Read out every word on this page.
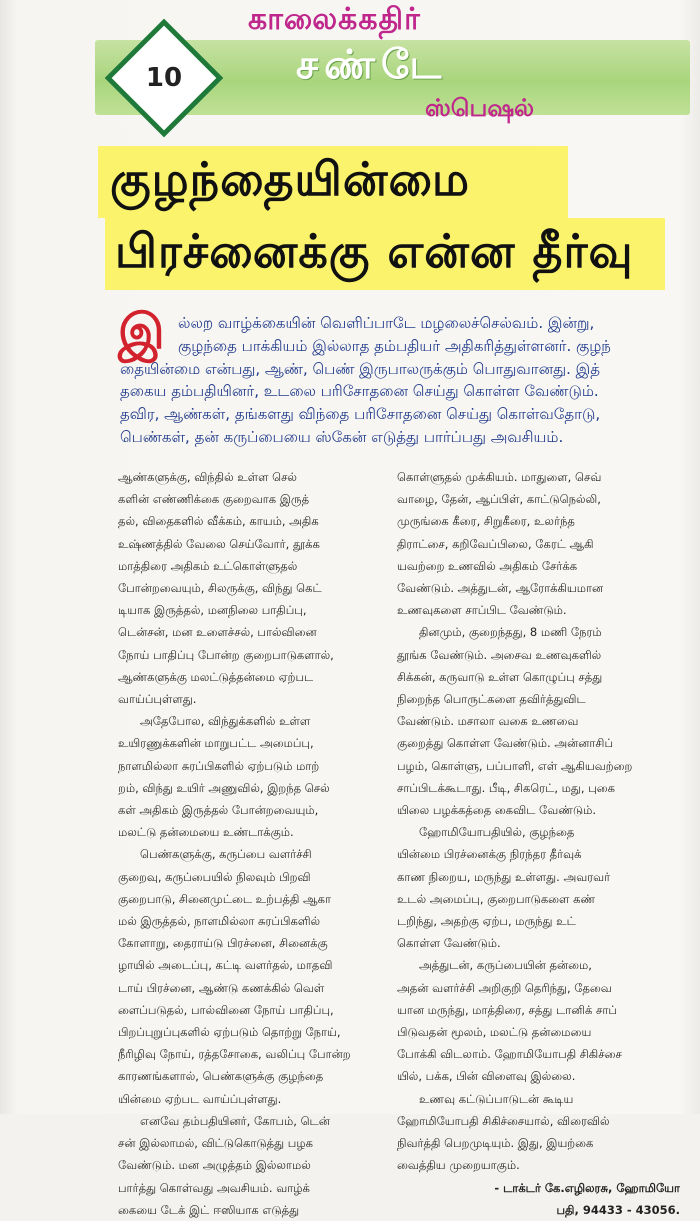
10
காலைக்கதிர்
சண்டே
ஸ்பெஷல்
குழந்தையின்மை
பிரச்னைக்கு என்ன தீர்வு
இ ல்லற வாழ்க்கையின் வெளிப்பாடே மழலைச்செல்வம். இன்று,
குழந்தை பாக்கியம் இல்லாத தம்பதியர் அதிகரித்துள்ளனர். குழந்
தையின்மை என்பது, ஆண், பெண் இருபாலருக்கும் பொதுவானது. இத்
தகைய தம்பதியினர், உடலை பரிசோதனை செய்து கொள்ள வேண்டும்.
தவிர, ஆண்கள், தங்களது விந்தை பரிசோதனை செய்து கொள்வதோடு,
பெண்கள், தன் கருப்பையை ஸ்கேன் எடுத்து பார்ப்பது அவசியம்.
ஆண்களுக்கு, விந்தில் உள்ள செல்
களின் எண்ணிக்கை குறைவாக இருத்
தல், விதைகளில் வீக்கம், காயம், அதிக
உஷ்ணத்தில் வேலை செய்வோர், தூக்க
மாத்திரை அதிகம் உட்கொள்ளுதல்
போன்றவையும், சிலருக்கு, விந்து கெட்
டியாக இருத்தல், மனநிலை பாதிப்பு,
டென்சன், மன உளைச்சல், பால்வினை
நோய் பாதிப்பு போன்ற குறைபாடுகளால்,
ஆண்களுக்கு மலட்டுத்தன்மை ஏற்பட
வாய்ப்புள்ளது.
அதேபோல, விந்துக்களில் உள்ள
உயிரணுக்களின் மாறுபட்ட அமைப்பு,
நாளமில்லா சுரப்பிகளில் ஏற்படும் மாற்
றம், விந்து உயிர் அணுவில், இறந்த செல்
கள் அதிகம் இருத்தல் போன்றவையும்,
மலட்டு தன்மையை உண்டாக்கும்.
பெண்களுக்கு, கருப்பை வளர்ச்சி
குறைவு, கருப்பையில் நிலவும் பிறவி
குறைபாடு, சினைமுட்டை உற்பத்தி ஆகா
மல் இருத்தல், நாளமில்லா சுரப்பிகளில்
கோளாறு, தைராய்டு பிரச்னை, சினைக்கு
ழாயில் அடைப்பு, கட்டி வளர்தல், மாதவி
டாய் பிரச்னை, ஆண்டு கணக்கில் வெள்
ளைப்படுதல், பால்வினை நோய் பாதிப்பு,
பிறப்புறுப்புகளில் ஏற்படும் தொற்று நோய்,
நீரிழிவு நோய், ரத்தசோகை, வலிப்பு போன்ற
காரணங்களால், பெண்களுக்கு குழந்தை
யின்மை ஏற்பட வாய்ப்புள்ளது.
எனவே தம்பதியினர், கோபம், டென்
சன் இல்லாமல், விட்டுகொடுத்து பழக
வேண்டும். மன அழுத்தம் இல்லாமல்
பார்த்து கொள்வது அவசியம். வாழ்க்
கையை டேக் இட் ஈஸியாக எடுத்து
கொள்ளுதல் முக்கியம். மாதுளை, செவ்
வாழை, தேன், ஆப்பிள், காட்டுநெல்லி,
முருங்கை கீரை, சிறுகீரை, உலர்ந்த
திராட்சை, கறிவேப்பிலை, கேரட் ஆகி
யவற்றை உணவில் அதிகம் சேர்க்க
வேண்டும். அத்துடன், ஆரோக்கியமான
உணவுகளை சாப்பிட வேண்டும்.
தினமும், குறைந்தது, 8 மணி நேரம்
தூங்க வேண்டும். அசைவ உணவுகளில்
சிக்கன், கருவாடு உள்ள கொழுப்பு சத்து
நிறைந்த பொருட்களை தவிர்த்துவிட
வேண்டும். மசாலா வகை உணவை
குறைத்து கொள்ள வேண்டும். அன்னாசிப்
பழம், கொள்ளு, பப்பாளி, எள் ஆகியவற்றை
சாப்பிடக்கூடாது. பீடி, சிகரெட், மது, புகை
யிலை பழக்கத்தை கைவிட வேண்டும்.
ஹோமியோபதியில், குழந்தை
யின்மை பிரச்னைக்கு நிரந்தர தீர்வுக்
காண நிறைய, மருந்து உள்ளது. அவரவர்
உடல் அமைப்பு, குறைபாடுகளை கண்
டறிந்து, அதற்கு ஏற்ப, மருந்து உட்
கொள்ள வேண்டும்.
அத்துடன், கருப்பையின் தன்மை,
அதன் வளர்ச்சி அறிகுறி தெரிந்து, தேவை
யான மருந்து, மாத்திரை, சத்து டானிக் சாப்
பிடுவதன் மூலம், மலட்டு தன்மையை
போக்கி விடலாம். ஹோமியோபதி சிகிச்சை
யில், பக்க, பின் விளைவு இல்லை.
உணவு கட்டுப்பாடுடன் கூடிய
ஹோமியோபதி சிகிச்சையால், விரைவில்
நிவர்த்தி பெறமுடியும். இது, இயற்கை
வைத்திய முறையாகும்.
- டாக்டர் கே.எழிலரசு, ஹோமியோ
பதி, 94433 - 43056.
